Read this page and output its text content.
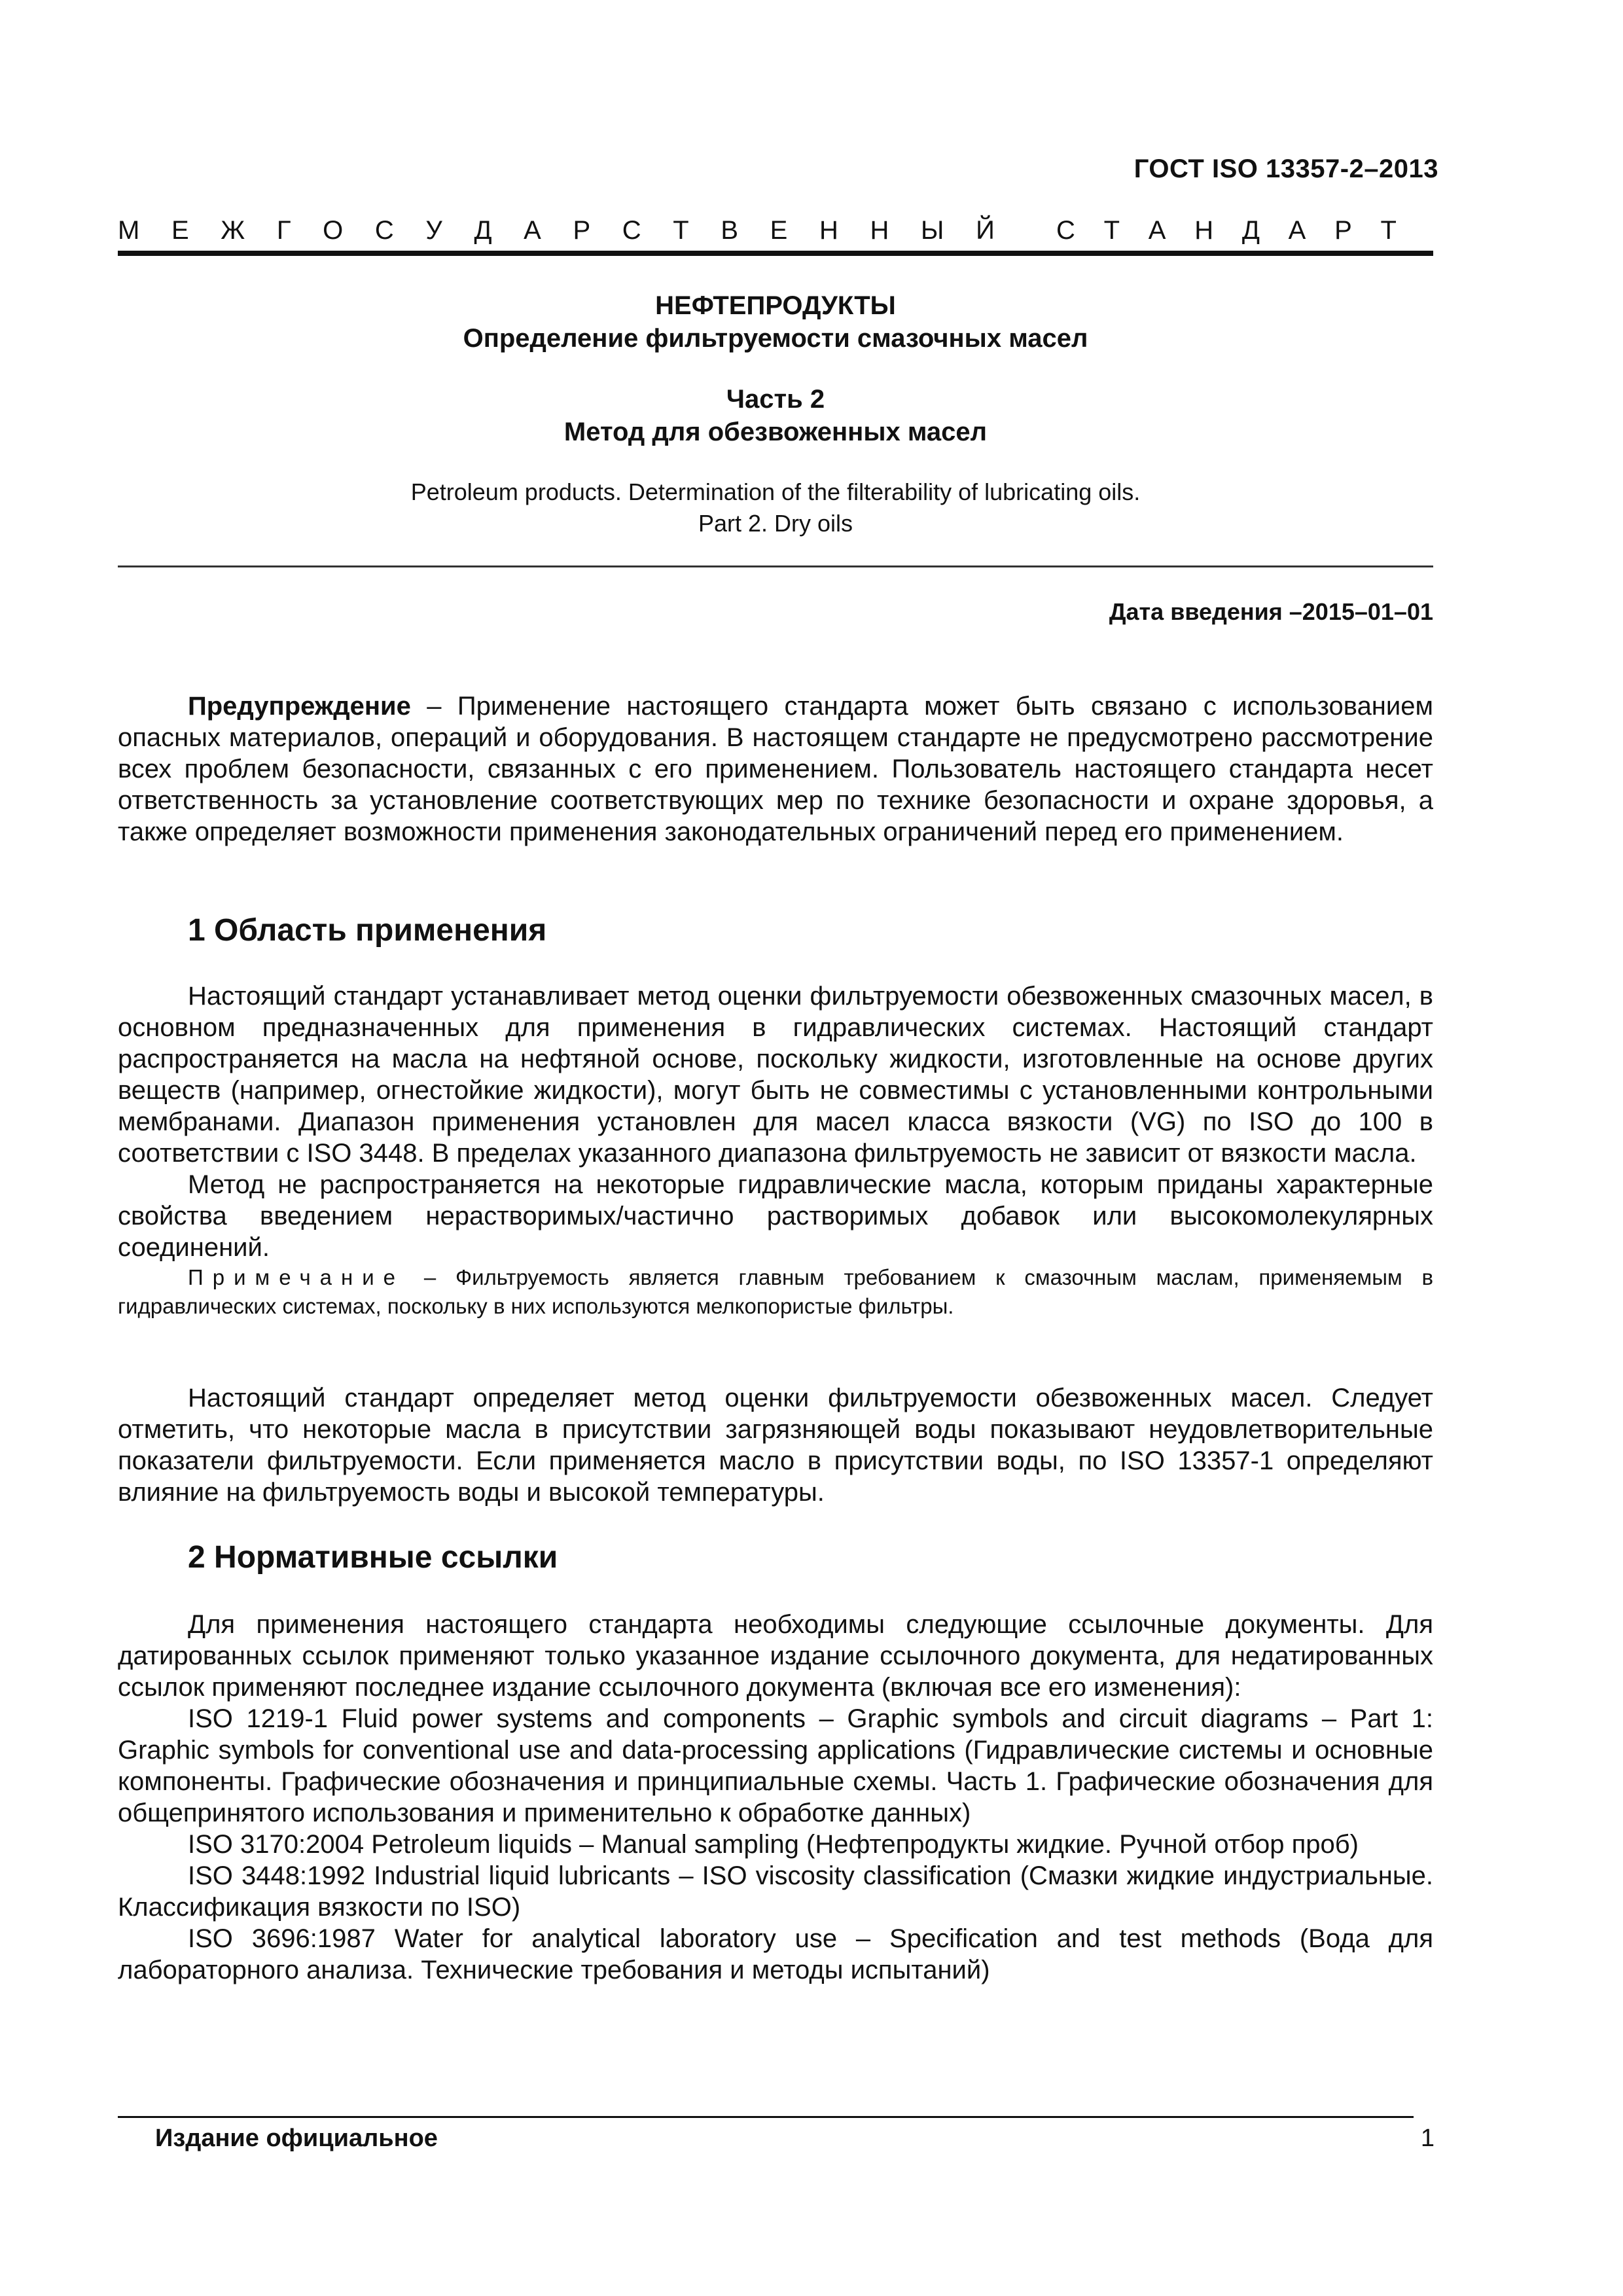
ГОСТ ISO 13357-2–2013
М Е Ж Г О С У Д А Р С Т В Е Н Н Ы Й С Т А Н Д А Р Т
НЕФТЕПРОДУКТЫ
Определение фильтруемости смазочных масел
Часть 2
Метод для обезвоженных масел
Petroleum products. Determination of the filterability of lubricating oils.
Part 2. Dry oils
Дата введения –2015–01–01

Предупреждение – Применение настоящего стандарта может быть связано с использованием опасных материалов, операций и оборудования. В настоящем стандарте не предусмотрено рассмотрение всех проблем безопасности, связанных с его применением. Пользователь настоящего стандарта несет ответственность за установление соответствующих мер по технике безопасности и охране здоровья, а также определяет возможности применения законодательных ограничений перед его применением.

1 Область применения

Настоящий стандарт устанавливает метод оценки фильтруемости обезвоженных смазочных масел, в основном предназначенных для применения в гидравлических системах. Настоящий стандарт распространяется на масла на нефтяной основе, поскольку жидкости, изготовленные на основе других веществ (например, огнестойкие жидкости), могут быть не совместимы с установленными контрольными мембранами. Диапазон применения установлен для масел класса вязкости (VG) по ISO до 100 в соответствии с ISO 3448. В пределах указанного диапазона фильтруемость не зависит от вязкости масла.

Метод не распространяется на некоторые гидравлические масла, которым приданы характерные свойства введением нерастворимых/частично растворимых добавок или высокомолекулярных соединений.

Примечание – Фильтруемость является главным требованием к смазочным маслам, применяемым в гидравлических системах, поскольку в них используются мелкопористые фильтры.

Настоящий стандарт определяет метод оценки фильтруемости обезвоженных масел. Следует отметить, что некоторые масла в присутствии загрязняющей воды показывают неудовлетворительные показатели фильтруемости. Если применяется масло в присутствии воды, по ISO 13357-1 определяют влияние на фильтруемость воды и высокой температуры.

2 Нормативные ссылки

Для применения настоящего стандарта необходимы следующие ссылочные документы. Для датированных ссылок применяют только указанное издание ссылочного документа, для недатированных ссылок применяют последнее издание ссылочного документа (включая все его изменения):

ISO 1219-1 Fluid power systems and components – Graphic symbols and circuit diagrams – Part 1: Graphic symbols for conventional use and data-processing applications (Гидравлические системы и основные компоненты. Графические обозначения и принципиальные схемы. Часть 1. Графические обозначения для общепринятого использования и применительно к обработке данных)

ISO 3170:2004 Petroleum liquids – Manual sampling (Нефтепродукты жидкие. Ручной отбор проб)

ISO 3448:1992 Industrial liquid lubricants – ISO viscosity classification (Смазки жидкие индустриальные. Классификация вязкости по ISO)

ISO 3696:1987 Water for analytical laboratory use – Specification and test methods (Вода для лабораторного анализа. Технические требования и методы испытаний)

Издание официальное	1
